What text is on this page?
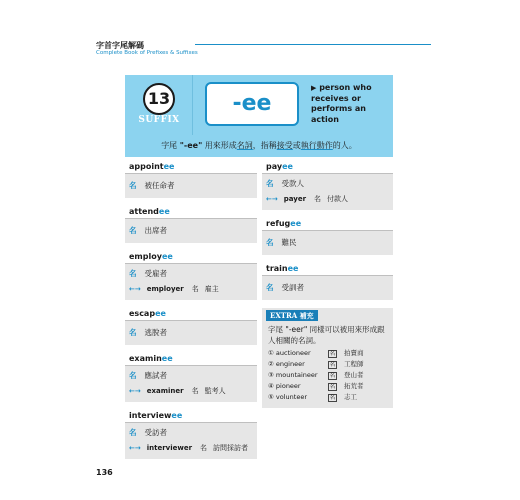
字首字尾解碼
Complete Book of Prefixes & Suffixes
13
SUFFIX
-ee
▶ person who
receives or
performs an
action
字尾 "-ee" 用來形成名詞，指稱接受或執行動作的人。
appointee
名 被任命者
attendee
名 出席者
employee
名 受雇者
←→ employer 名 雇主
escapee
名 逃脫者
examinee
名 應試者
←→ examiner 名 監考人
interviewee
名 受訪者
←→ interviewer 名 訪問採訪者
payee
名 受款人
←→ payer 名 付款人
refugee
名 難民
trainee
名 受訓者
EXTRA 補充
字尾 "-eer" 同樣可以被用來形成跟人相關的名詞。
① auctioneer	名 拍賣商
② engineer	名 工程師
③ mountaineer	名 登山者
④ pioneer	名 拓荒者
⑤ volunteer	名 志工
136
